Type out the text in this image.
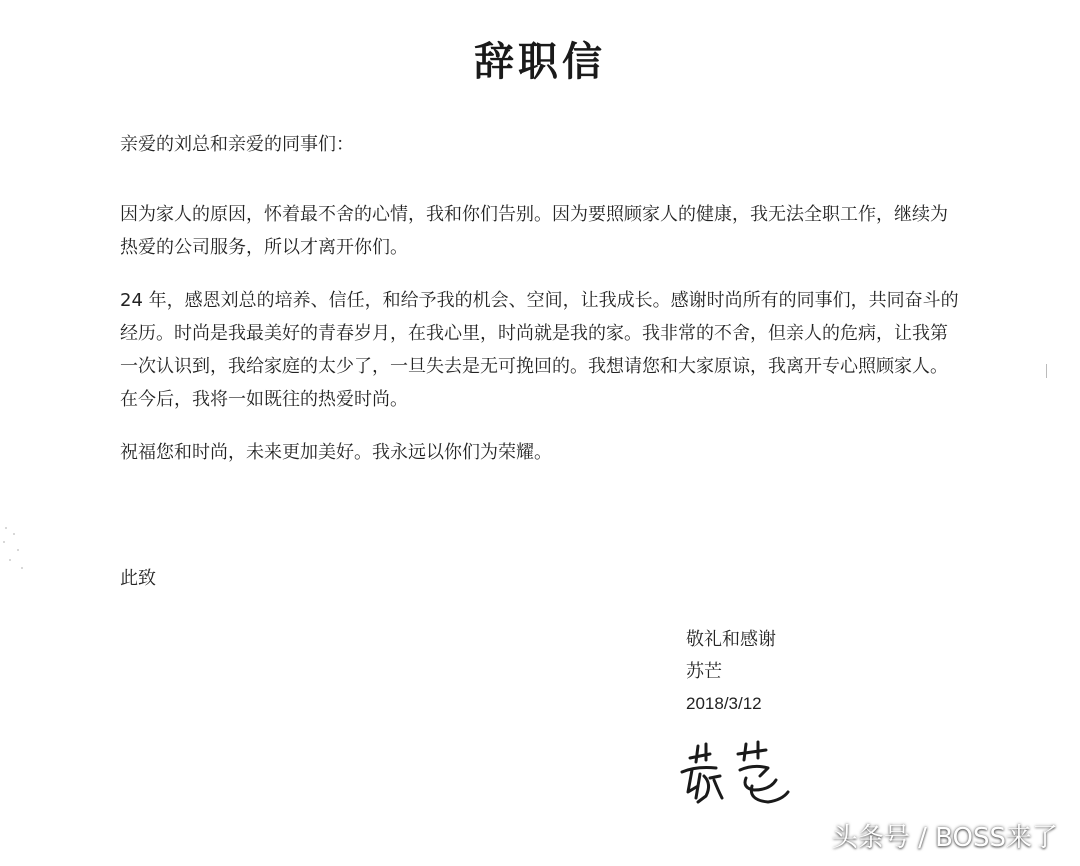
辞职信
亲爱的刘总和亲爱的同事们：
因为家人的原因，怀着最不舍的心情，我和你们告别。因为要照顾家人的健康，我无法全职工作，继续为热爱的公司服务，所以才离开你们。
24 年，感恩刘总的培养、信任，和给予我的机会、空间，让我成长。感谢时尚所有的同事们，共同奋斗的经历。时尚是我最美好的青春岁月，在我心里，时尚就是我的家。我非常的不舍，但亲人的危病，让我第一次认识到，我给家庭的太少了，一旦失去是无可挽回的。我想请您和大家原谅，我离开专心照顾家人。在今后，我将一如既往的热爱时尚。
祝福您和时尚，未来更加美好。我永远以你们为荣耀。
此致
敬礼和感谢
苏芒
2018/3/12
头条号 / BOSS来了
